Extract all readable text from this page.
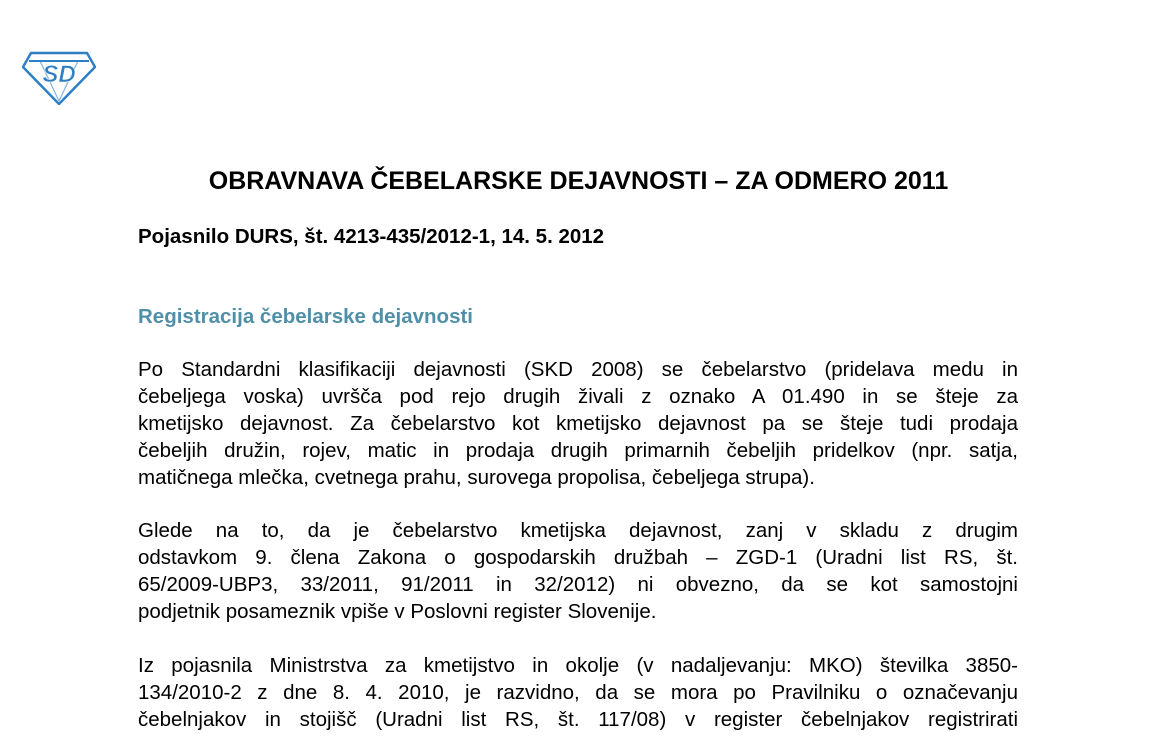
SD
OBRAVNAVA ČEBELARSKE DEJAVNOSTI – ZA ODMERO 2011

Pojasnilo DURS, št. 4213-435/2012-1, 14. 5. 2012

Registracija čebelarske dejavnosti
Po Standardni klasifikaciji dejavnosti (SKD 2008) se čebelarstvo (pridelava medu in
čebeljega voska) uvršča pod rejo drugih živali z oznako A 01.490 in se šteje za
kmetijsko dejavnost. Za čebelarstvo kot kmetijsko dejavnost pa se šteje tudi prodaja
čebeljih družin, rojev, matic in prodaja drugih primarnih čebeljih pridelkov (npr. satja,
matičnega mlečka, cvetnega prahu, surovega propolisa, čebeljega strupa).
Glede na to, da je čebelarstvo kmetijska dejavnost, zanj v skladu z drugim
odstavkom 9. člena Zakona o gospodarskih družbah – ZGD-1 (Uradni list RS, št.
65/2009-UBP3, 33/2011, 91/2011 in 32/2012) ni obvezno, da se kot samostojni
podjetnik posameznik vpiše v Poslovni register Slovenije.
Iz pojasnila Ministrstva za kmetijstvo in okolje (v nadaljevanju: MKO) številka 3850-
134/2010-2 z dne 8. 4. 2010, je razvidno, da se mora po Pravilniku o označevanju
čebelnjakov in stojišč (Uradni list RS, št. 117/08) v register čebelnjakov registrirati
